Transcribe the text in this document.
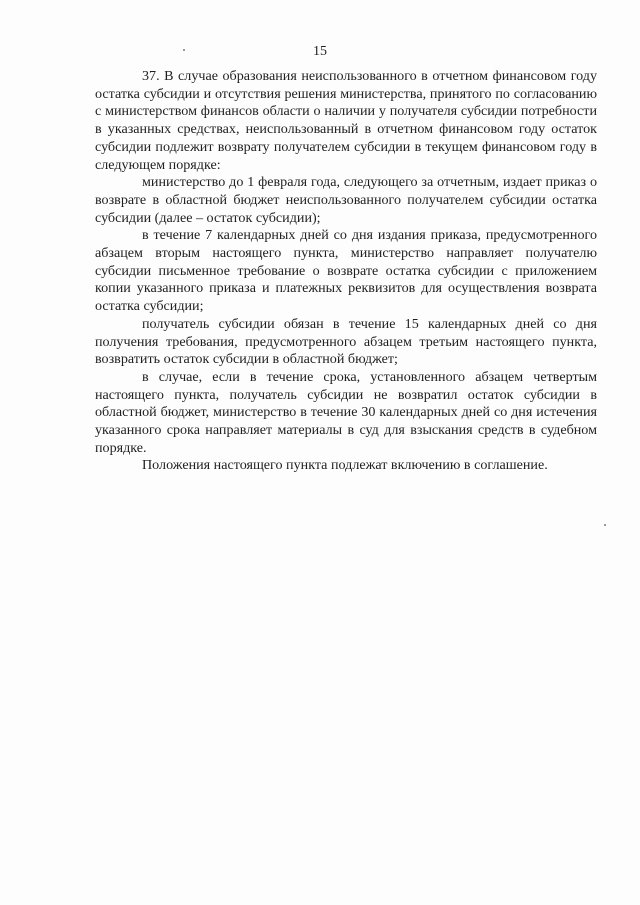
15

37. В случае образования неиспользованного в отчетном финансовом году остатка субсидии и отсутствия решения министерства, принятого по согласованию с министерством финансов области о наличии у получателя субсидии потребности в указанных средствах, неиспользованный в отчетном финансовом году остаток субсидии подлежит возврату получателем субсидии в текущем финансовом году в следующем порядке:

министерство до 1 февраля года, следующего за отчетным, издает приказ о возврате в областной бюджет неиспользованного получателем субсидии остатка субсидии (далее – остаток субсидии);

в течение 7 календарных дней со дня издания приказа, предусмотренного абзацем вторым настоящего пункта, министерство направляет получателю субсидии письменное требование о возврате остатка субсидии с приложением копии указанного приказа и платежных реквизитов для осуществления возврата остатка субсидии;

получатель субсидии обязан в течение 15 календарных дней со дня получения требования, предусмотренного абзацем третьим настоящего пункта, возвратить остаток субсидии в областной бюджет;

в случае, если в течение срока, установленного абзацем четвертым настоящего пункта, получатель субсидии не возвратил остаток субсидии в областной бюджет, министерство в течение 30 календарных дней со дня истечения указанного срока направляет материалы в суд для взыскания средств в судебном порядке.

Положения настоящего пункта подлежат включению в соглашение.
